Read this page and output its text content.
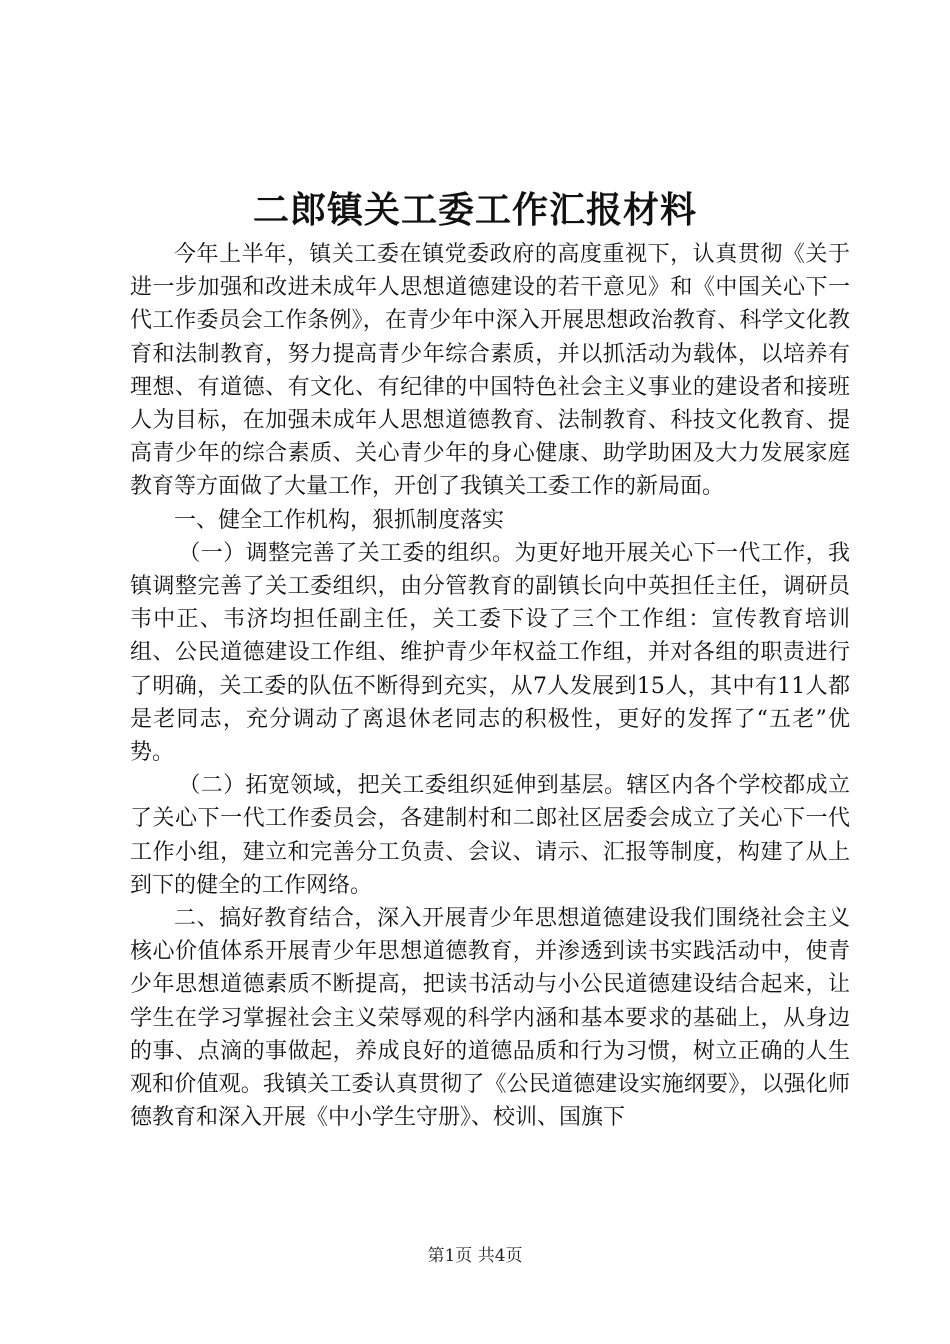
二郎镇关工委工作汇报材料

今年上半年，镇关工委在镇党委政府的高度重视下，认真贯彻《关于进一步加强和改进未成年人思想道德建设的若干意见》和《中国关心下一代工作委员会工作条例》，在青少年中深入开展思想政治教育、科学文化教育和法制教育，努力提高青少年综合素质，并以抓活动为载体，以培养有理想、有道德、有文化、有纪律的中国特色社会主义事业的建设者和接班人为目标，在加强未成年人思想道德教育、法制教育、科技文化教育、提高青少年的综合素质、关心青少年的身心健康、助学助困及大力发展家庭教育等方面做了大量工作，开创了我镇关工委工作的新局面。

一、健全工作机构，狠抓制度落实

（一）调整完善了关工委的组织。为更好地开展关心下一代工作，我镇调整完善了关工委组织，由分管教育的副镇长向中英担任主任，调研员韦中正、韦济均担任副主任，关工委下设了三个工作组：宣传教育培训组、公民道德建设工作组、维护青少年权益工作组，并对各组的职责进行了明确，关工委的队伍不断得到充实，从7人发展到15人，其中有11人都是老同志，充分调动了离退休老同志的积极性，更好的发挥了“五老”优势。

（二）拓宽领域，把关工委组织延伸到基层。辖区内各个学校都成立了关心下一代工作委员会，各建制村和二郎社区居委会成立了关心下一代工作小组，建立和完善分工负责、会议、请示、汇报等制度，构建了从上到下的健全的工作网络。

二、搞好教育结合，深入开展青少年思想道德建设我们围绕社会主义核心价值体系开展青少年思想道德教育，并渗透到读书实践活动中，使青少年思想道德素质不断提高，把读书活动与小公民道德建设结合起来，让学生在学习掌握社会主义荣辱观的科学内涵和基本要求的基础上，从身边的事、点滴的事做起，养成良好的道德品质和行为习惯，树立正确的人生观和价值观。我镇关工委认真贯彻了《公民道德建设实施纲要》，以强化师德教育和深入开展《中小学生守册》、校训、国旗下

第1页 共4页
